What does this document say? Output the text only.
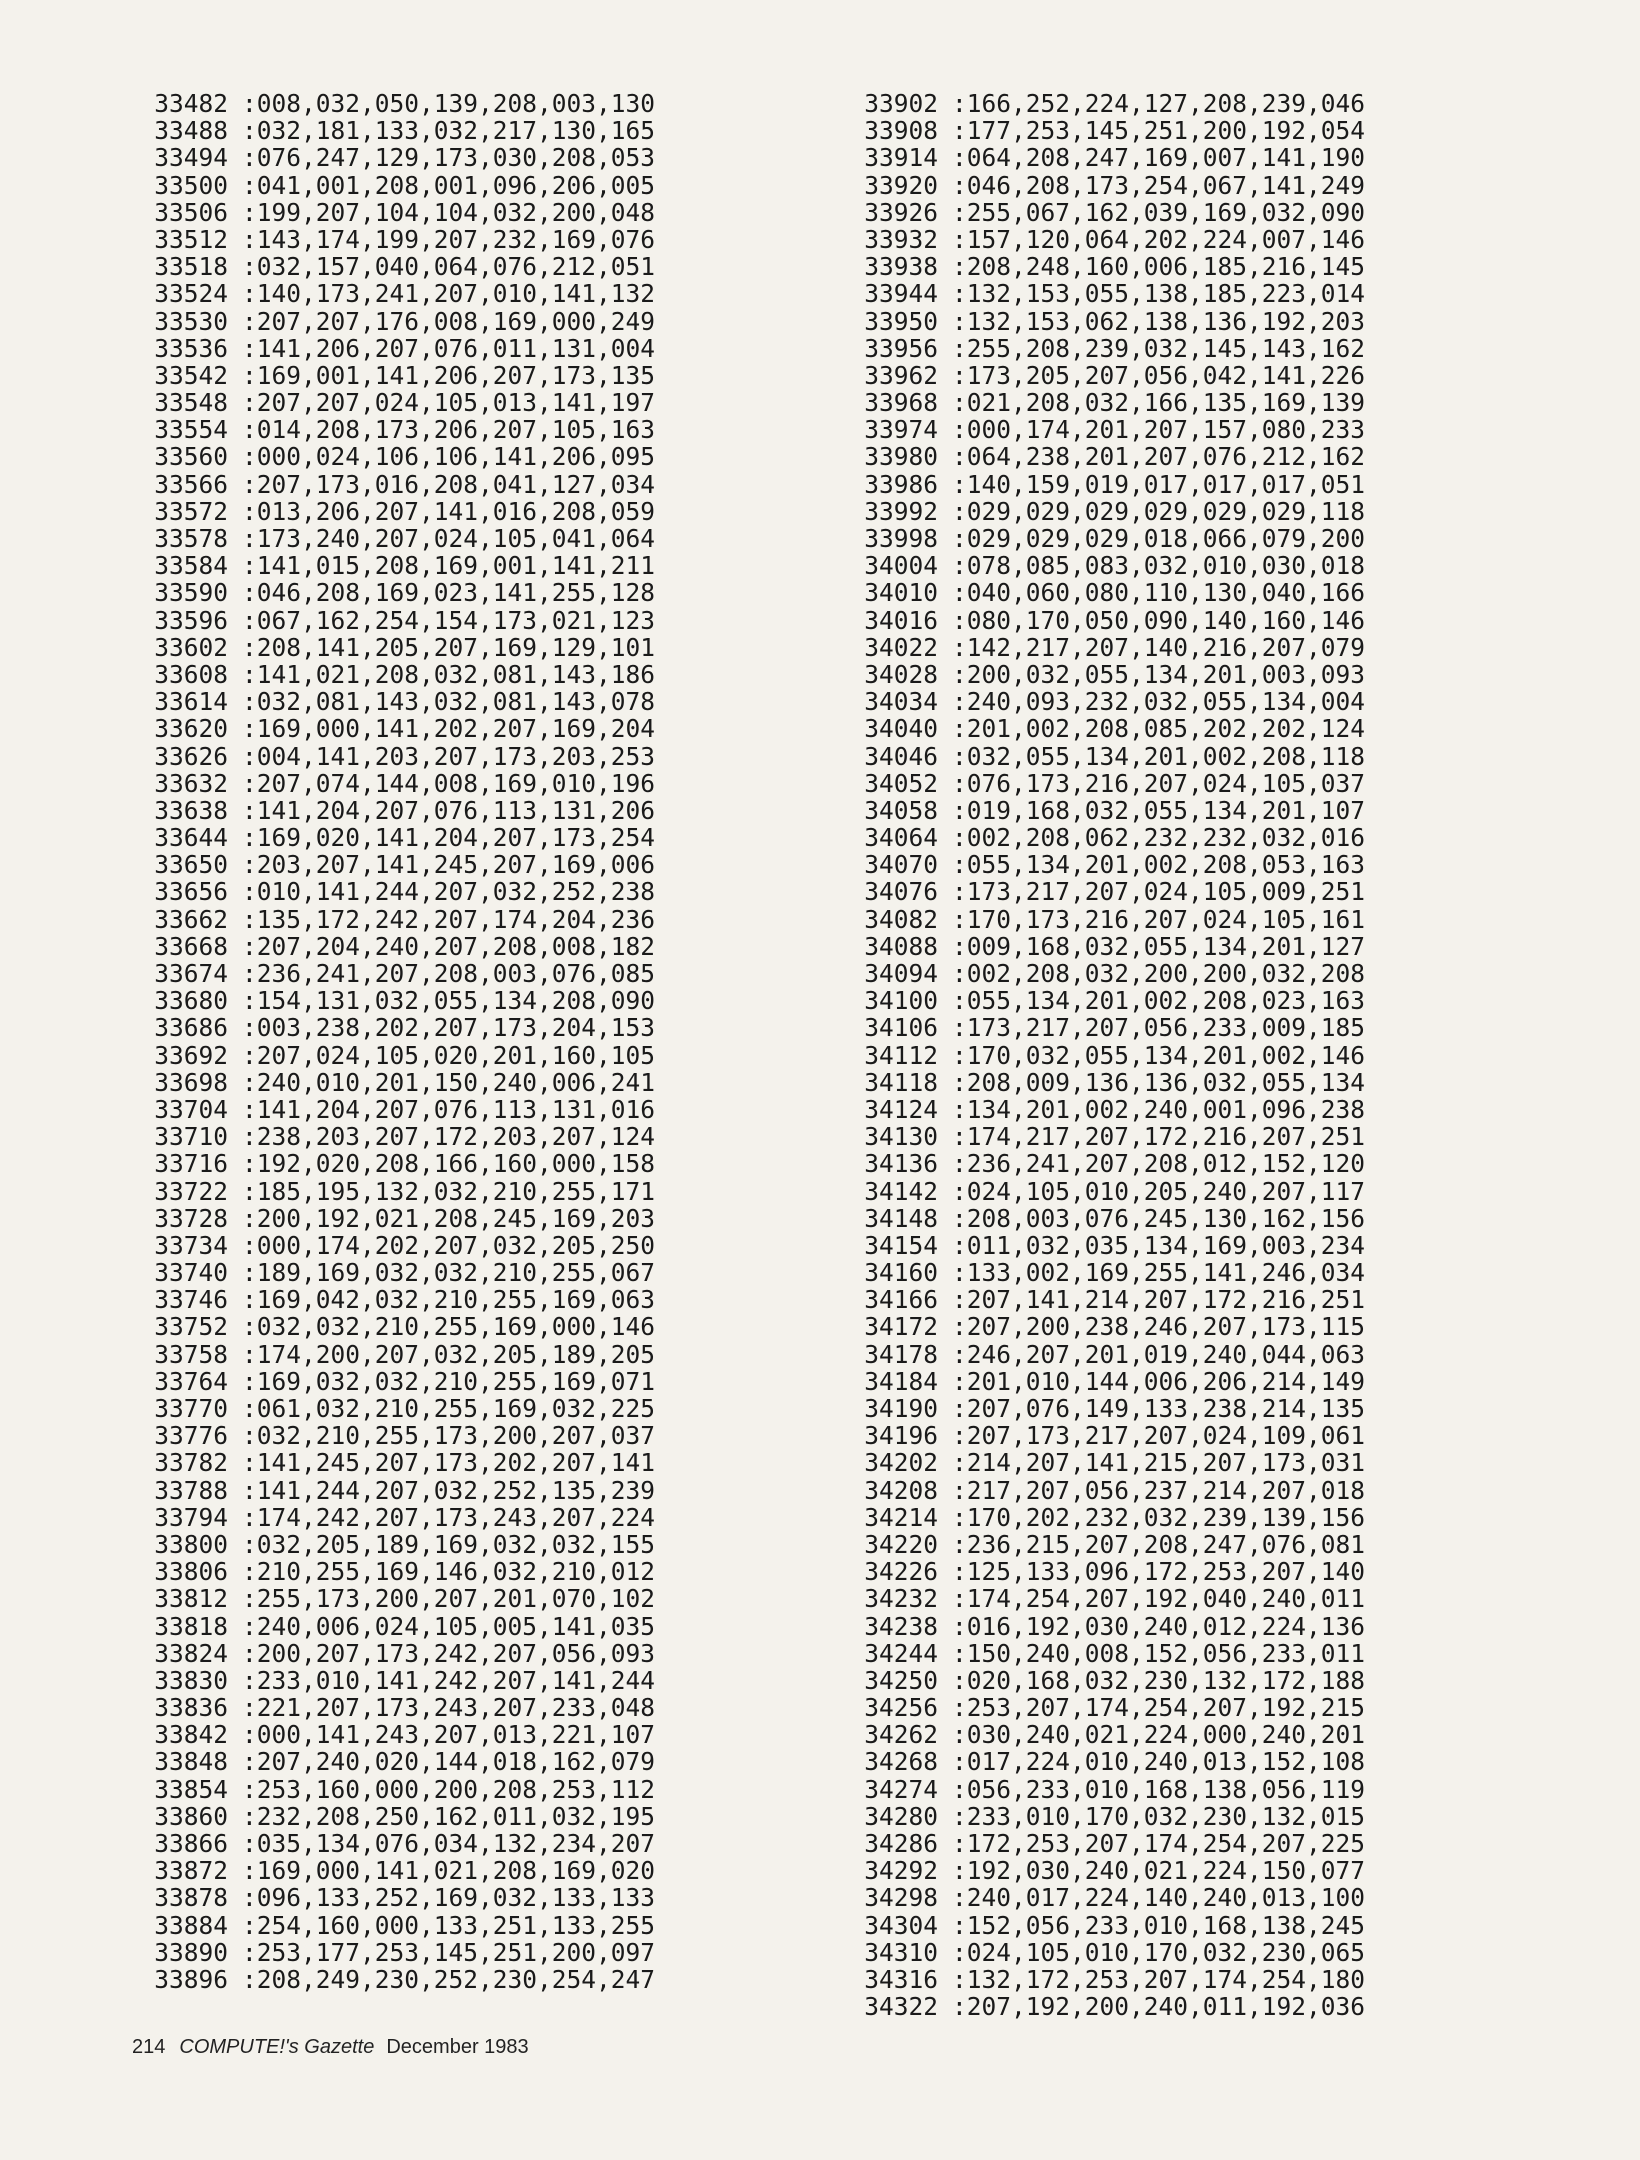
33482 :008,032,050,139,208,003,130
33488 :032,181,133,032,217,130,165
33494 :076,247,129,173,030,208,053
33500 :041,001,208,001,096,206,005
33506 :199,207,104,104,032,200,048
33512 :143,174,199,207,232,169,076
33518 :032,157,040,064,076,212,051
33524 :140,173,241,207,010,141,132
33530 :207,207,176,008,169,000,249
33536 :141,206,207,076,011,131,004
33542 :169,001,141,206,207,173,135
33548 :207,207,024,105,013,141,197
33554 :014,208,173,206,207,105,163
33560 :000,024,106,106,141,206,095
33566 :207,173,016,208,041,127,034
33572 :013,206,207,141,016,208,059
33578 :173,240,207,024,105,041,064
33584 :141,015,208,169,001,141,211
33590 :046,208,169,023,141,255,128
33596 :067,162,254,154,173,021,123
33602 :208,141,205,207,169,129,101
33608 :141,021,208,032,081,143,186
33614 :032,081,143,032,081,143,078
33620 :169,000,141,202,207,169,204
33626 :004,141,203,207,173,203,253
33632 :207,074,144,008,169,010,196
33638 :141,204,207,076,113,131,206
33644 :169,020,141,204,207,173,254
33650 :203,207,141,245,207,169,006
33656 :010,141,244,207,032,252,238
33662 :135,172,242,207,174,204,236
33668 :207,204,240,207,208,008,182
33674 :236,241,207,208,003,076,085
33680 :154,131,032,055,134,208,090
33686 :003,238,202,207,173,204,153
33692 :207,024,105,020,201,160,105
33698 :240,010,201,150,240,006,241
33704 :141,204,207,076,113,131,016
33710 :238,203,207,172,203,207,124
33716 :192,020,208,166,160,000,158
33722 :185,195,132,032,210,255,171
33728 :200,192,021,208,245,169,203
33734 :000,174,202,207,032,205,250
33740 :189,169,032,032,210,255,067
33746 :169,042,032,210,255,169,063
33752 :032,032,210,255,169,000,146
33758 :174,200,207,032,205,189,205
33764 :169,032,032,210,255,169,071
33770 :061,032,210,255,169,032,225
33776 :032,210,255,173,200,207,037
33782 :141,245,207,173,202,207,141
33788 :141,244,207,032,252,135,239
33794 :174,242,207,173,243,207,224
33800 :032,205,189,169,032,032,155
33806 :210,255,169,146,032,210,012
33812 :255,173,200,207,201,070,102
33818 :240,006,024,105,005,141,035
33824 :200,207,173,242,207,056,093
33830 :233,010,141,242,207,141,244
33836 :221,207,173,243,207,233,048
33842 :000,141,243,207,013,221,107
33848 :207,240,020,144,018,162,079
33854 :253,160,000,200,208,253,112
33860 :232,208,250,162,011,032,195
33866 :035,134,076,034,132,234,207
33872 :169,000,141,021,208,169,020
33878 :096,133,252,169,032,133,133
33884 :254,160,000,133,251,133,255
33890 :253,177,253,145,251,200,097
33896 :208,249,230,252,230,254,247
33902 :166,252,224,127,208,239,046
33908 :177,253,145,251,200,192,054
33914 :064,208,247,169,007,141,190
33920 :046,208,173,254,067,141,249
33926 :255,067,162,039,169,032,090
33932 :157,120,064,202,224,007,146
33938 :208,248,160,006,185,216,145
33944 :132,153,055,138,185,223,014
33950 :132,153,062,138,136,192,203
33956 :255,208,239,032,145,143,162
33962 :173,205,207,056,042,141,226
33968 :021,208,032,166,135,169,139
33974 :000,174,201,207,157,080,233
33980 :064,238,201,207,076,212,162
33986 :140,159,019,017,017,017,051
33992 :029,029,029,029,029,029,118
33998 :029,029,029,018,066,079,200
34004 :078,085,083,032,010,030,018
34010 :040,060,080,110,130,040,166
34016 :080,170,050,090,140,160,146
34022 :142,217,207,140,216,207,079
34028 :200,032,055,134,201,003,093
34034 :240,093,232,032,055,134,004
34040 :201,002,208,085,202,202,124
34046 :032,055,134,201,002,208,118
34052 :076,173,216,207,024,105,037
34058 :019,168,032,055,134,201,107
34064 :002,208,062,232,232,032,016
34070 :055,134,201,002,208,053,163
34076 :173,217,207,024,105,009,251
34082 :170,173,216,207,024,105,161
34088 :009,168,032,055,134,201,127
34094 :002,208,032,200,200,032,208
34100 :055,134,201,002,208,023,163
34106 :173,217,207,056,233,009,185
34112 :170,032,055,134,201,002,146
34118 :208,009,136,136,032,055,134
34124 :134,201,002,240,001,096,238
34130 :174,217,207,172,216,207,251
34136 :236,241,207,208,012,152,120
34142 :024,105,010,205,240,207,117
34148 :208,003,076,245,130,162,156
34154 :011,032,035,134,169,003,234
34160 :133,002,169,255,141,246,034
34166 :207,141,214,207,172,216,251
34172 :207,200,238,246,207,173,115
34178 :246,207,201,019,240,044,063
34184 :201,010,144,006,206,214,149
34190 :207,076,149,133,238,214,135
34196 :207,173,217,207,024,109,061
34202 :214,207,141,215,207,173,031
34208 :217,207,056,237,214,207,018
34214 :170,202,232,032,239,139,156
34220 :236,215,207,208,247,076,081
34226 :125,133,096,172,253,207,140
34232 :174,254,207,192,040,240,011
34238 :016,192,030,240,012,224,136
34244 :150,240,008,152,056,233,011
34250 :020,168,032,230,132,172,188
34256 :253,207,174,254,207,192,215
34262 :030,240,021,224,000,240,201
34268 :017,224,010,240,013,152,108
34274 :056,233,010,168,138,056,119
34280 :233,010,170,032,230,132,015
34286 :172,253,207,174,254,207,225
34292 :192,030,240,021,224,150,077
34298 :240,017,224,140,240,013,100
34304 :152,056,233,010,168,138,245
34310 :024,105,010,170,032,230,065
34316 :132,172,253,207,174,254,180
34322 :207,192,200,240,011,192,036
214 COMPUTE!'s Gazette December 1983
